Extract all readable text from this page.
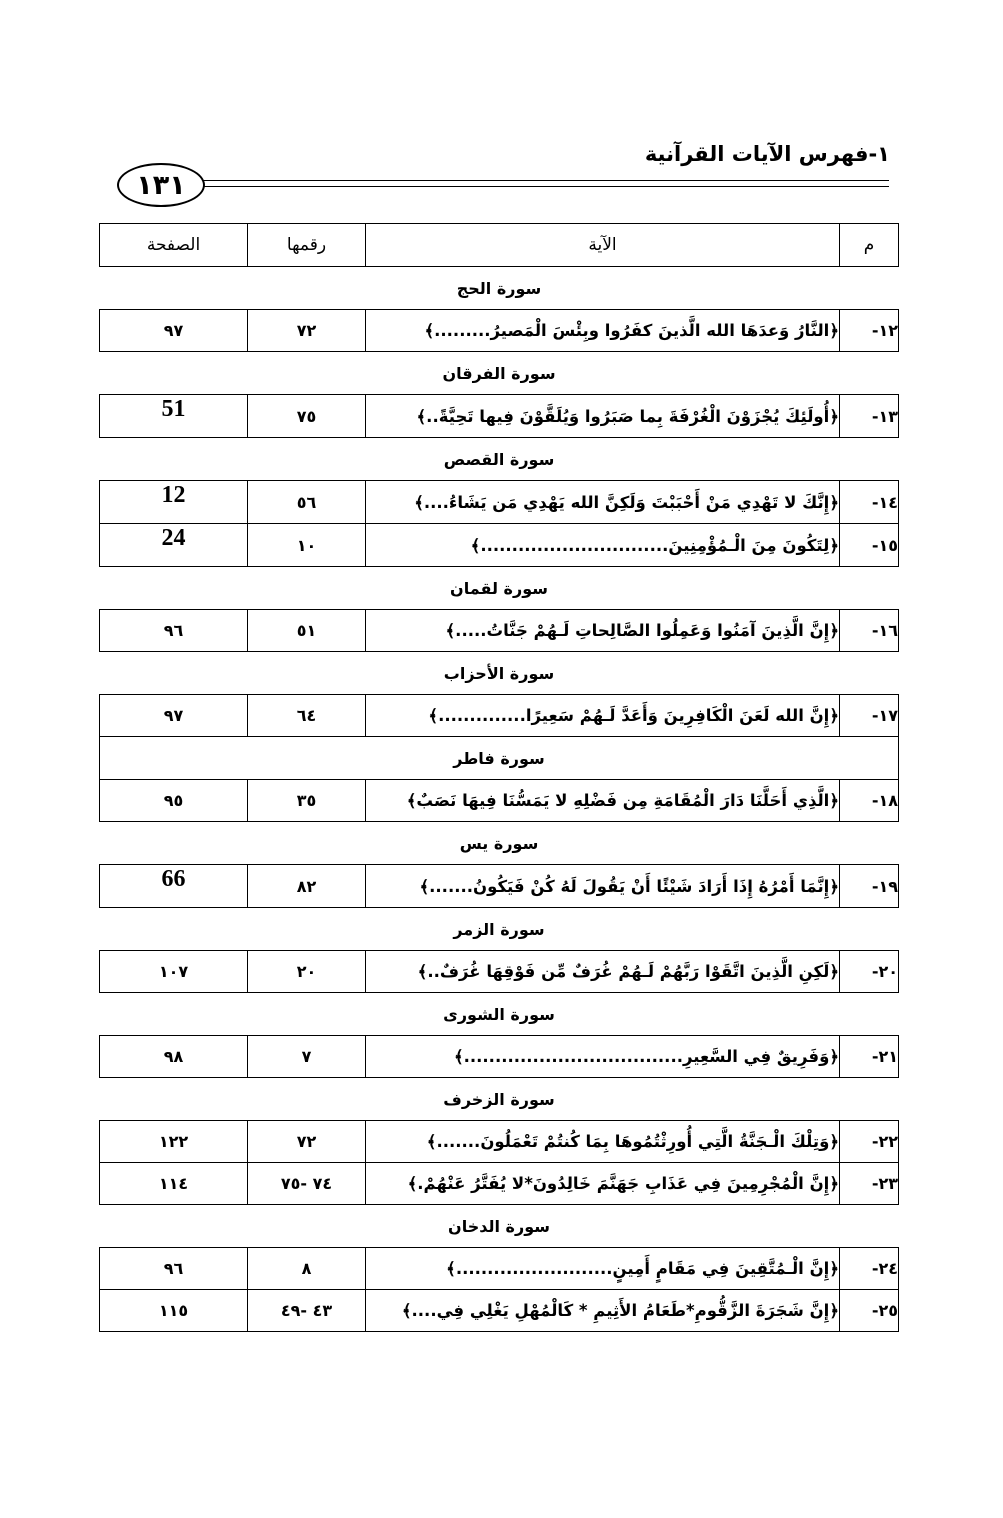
١-فهرس الآيات القرآنية
١٣١
الصفحة	رقمها	الآية	م
سورة الحج			
٩٧	٧٢	﴿النَّارُ وَعدَهَا الله الَّذينَ كفَرُوا وبِئْسَ الْمَصيرُ.........﴾	١٢-
سورة الفرقان			
51	٧٥	﴿أُولَئِكَ يُجْزَوْنَ الْغُرْفَةَ بِما صَبَرُوا وَيُلَقَّوْنَ فِيها تَحِيَّةً..﴾	١٣-
سورة القصص			
12	٥٦	﴿إِنَّكَ لا تَهْدِي مَنْ أَحْبَبْتَ وَلَكِنَّ الله يَهْدِي مَن يَشَاءُ....﴾	١٤-
24	١٠	﴿لِتَكُونَ مِنَ الْـمُؤْمِنِينَ..............................﴾	١٥-
سورة لقمان			
٩٦	٥١	﴿إِنَّ الَّذِينَ آمَنُوا وَعَمِلُوا الصَّالِحاتِ لَـهُمْ جَنَّاتُ.....﴾	١٦-
سورة الأحزاب			
٩٧	٦٤	﴿إِنَّ الله لَعَنَ الْكَافِرِينَ وَأَعَدَّ لَـهُمْ سَعِيرًا..............﴾	١٧-
سورة فاطر			
٩٥	٣٥	﴿الَّذِي أَحَلَّنَا دَارَ الْمُقَامَةِ مِن فَضْلِهِ لا يَمَسُّنَا فِيهَا نَصَبٌ﴾	١٨-
سورة يس			
66	٨٢	﴿إِنَّمَا أَمْرُهُ إِذَا أَرَادَ شَيْئًا أَنْ يَقُولَ لَهُ كُنْ فَيَكُونُ.......﴾	١٩-
سورة الزمر			
١٠٧	٢٠	﴿لَكِنِ الَّذِينَ اتَّقَوْا رَبَّهُمْ لَـهُمْ غُرَفٌ مِّن فَوْقِهَا غُرَفٌ..﴾	٢٠-
سورة الشورى			
٩٨	٧	﴿وَفَرِيقٌ فِي السَّعِيرِ...................................﴾	٢١-
سورة الزخرف			
١٢٢	٧٢	﴿وَتِلْكَ الْـجَنَّةُ الَّتِي أُورِثْتُمُوهَا بِمَا كُنتُمْ تَعْمَلُونَ.......﴾	٢٢-
١١٤	٧٤ -٧٥	﴿إِنَّ الْمُجْرِمِينَ فِي عَذَابِ جَهَنَّمَ خَالِدُونَ*لا يُفَتَّرُ عَنْهُمْ.﴾	٢٣-
سورة الدخان			
٩٦	٨	﴿إِنَّ الْـمُتَّقِينَ فِي مَقَامٍ أَمِينٍ.........................﴾	٢٤-
١١٥	٤٣ -٤٩	﴿إِنَّ شَجَرَةَ الزَّقُّومِ*طَعَامُ الأَثِيمِ * كَالْمُهْلِ يَغْلِي فِي....﴾	٢٥-
